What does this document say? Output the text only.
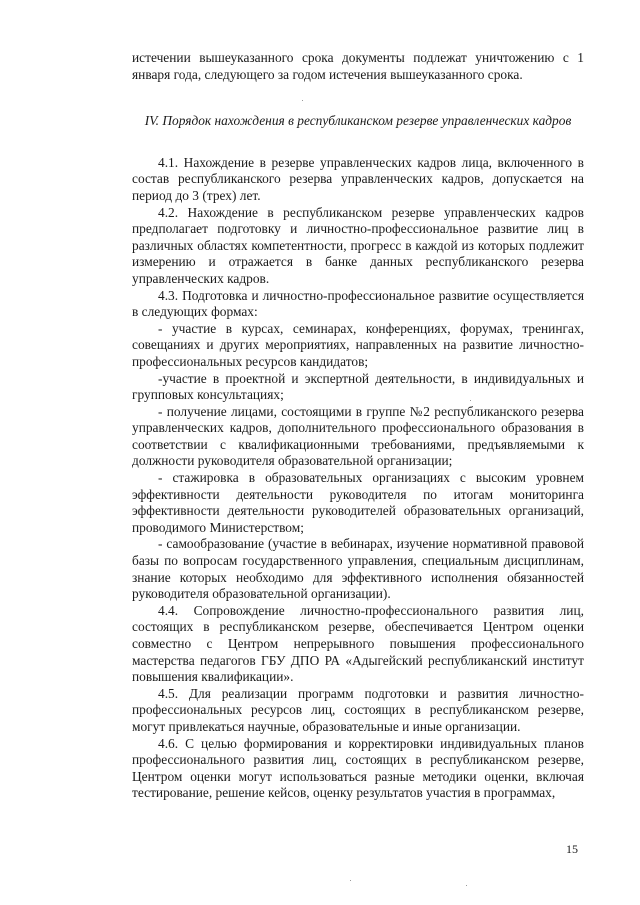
истечении вышеуказанного срока документы подлежат уничтожению с 1 января года, следующего за годом истечения вышеуказанного срока.

IV. Порядок нахождения в республиканском резерве управленческих кадров

4.1. Нахождение в резерве управленческих кадров лица, включенного в состав республиканского резерва управленческих кадров, допускается на период до 3 (трех) лет.

4.2. Нахождение в республиканском резерве управленческих кадров предполагает подготовку и личностно-профессиональное развитие лиц в различных областях компетентности, прогресс в каждой из которых подлежит измерению и отражается в банке данных республиканского резерва управленческих кадров.

4.3. Подготовка и личностно-профессиональное развитие осуществляется в следующих формах:

- участие в курсах, семинарах, конференциях, форумах, тренингах, совещаниях и других мероприятиях, направленных на развитие личностно-профессиональных ресурсов кандидатов;

-участие в проектной и экспертной деятельности, в индивидуальных и групповых консультациях;

- получение лицами, состоящими в группе №2 республиканского резерва управленческих кадров, дополнительного профессионального образования в соответствии с квалификационными требованиями, предъявляемыми к должности руководителя образовательной организации;

- стажировка в образовательных организациях с высоким уровнем эффективности деятельности руководителя по итогам мониторинга эффективности деятельности руководителей образовательных организаций, проводимого Министерством;

- самообразование (участие в вебинарах, изучение нормативной правовой базы по вопросам государственного управления, специальным дисциплинам, знание которых необходимо для эффективного исполнения обязанностей руководителя образовательной организации).

4.4. Сопровождение личностно-профессионального развития лиц, состоящих в республиканском резерве, обеспечивается Центром оценки совместно с Центром непрерывного повышения профессионального мастерства педагогов ГБУ ДПО РА «Адыгейский республиканский институт повышения квалификации».

4.5. Для реализации программ подготовки и развития личностно-профессиональных ресурсов лиц, состоящих в республиканском резерве, могут привлекаться научные, образовательные и иные организации.

4.6. С целью формирования и корректировки индивидуальных планов профессионального развития лиц, состоящих в республиканском резерве, Центром оценки могут использоваться разные методики оценки, включая тестирование, решение кейсов, оценку результатов участия в программах,

15
